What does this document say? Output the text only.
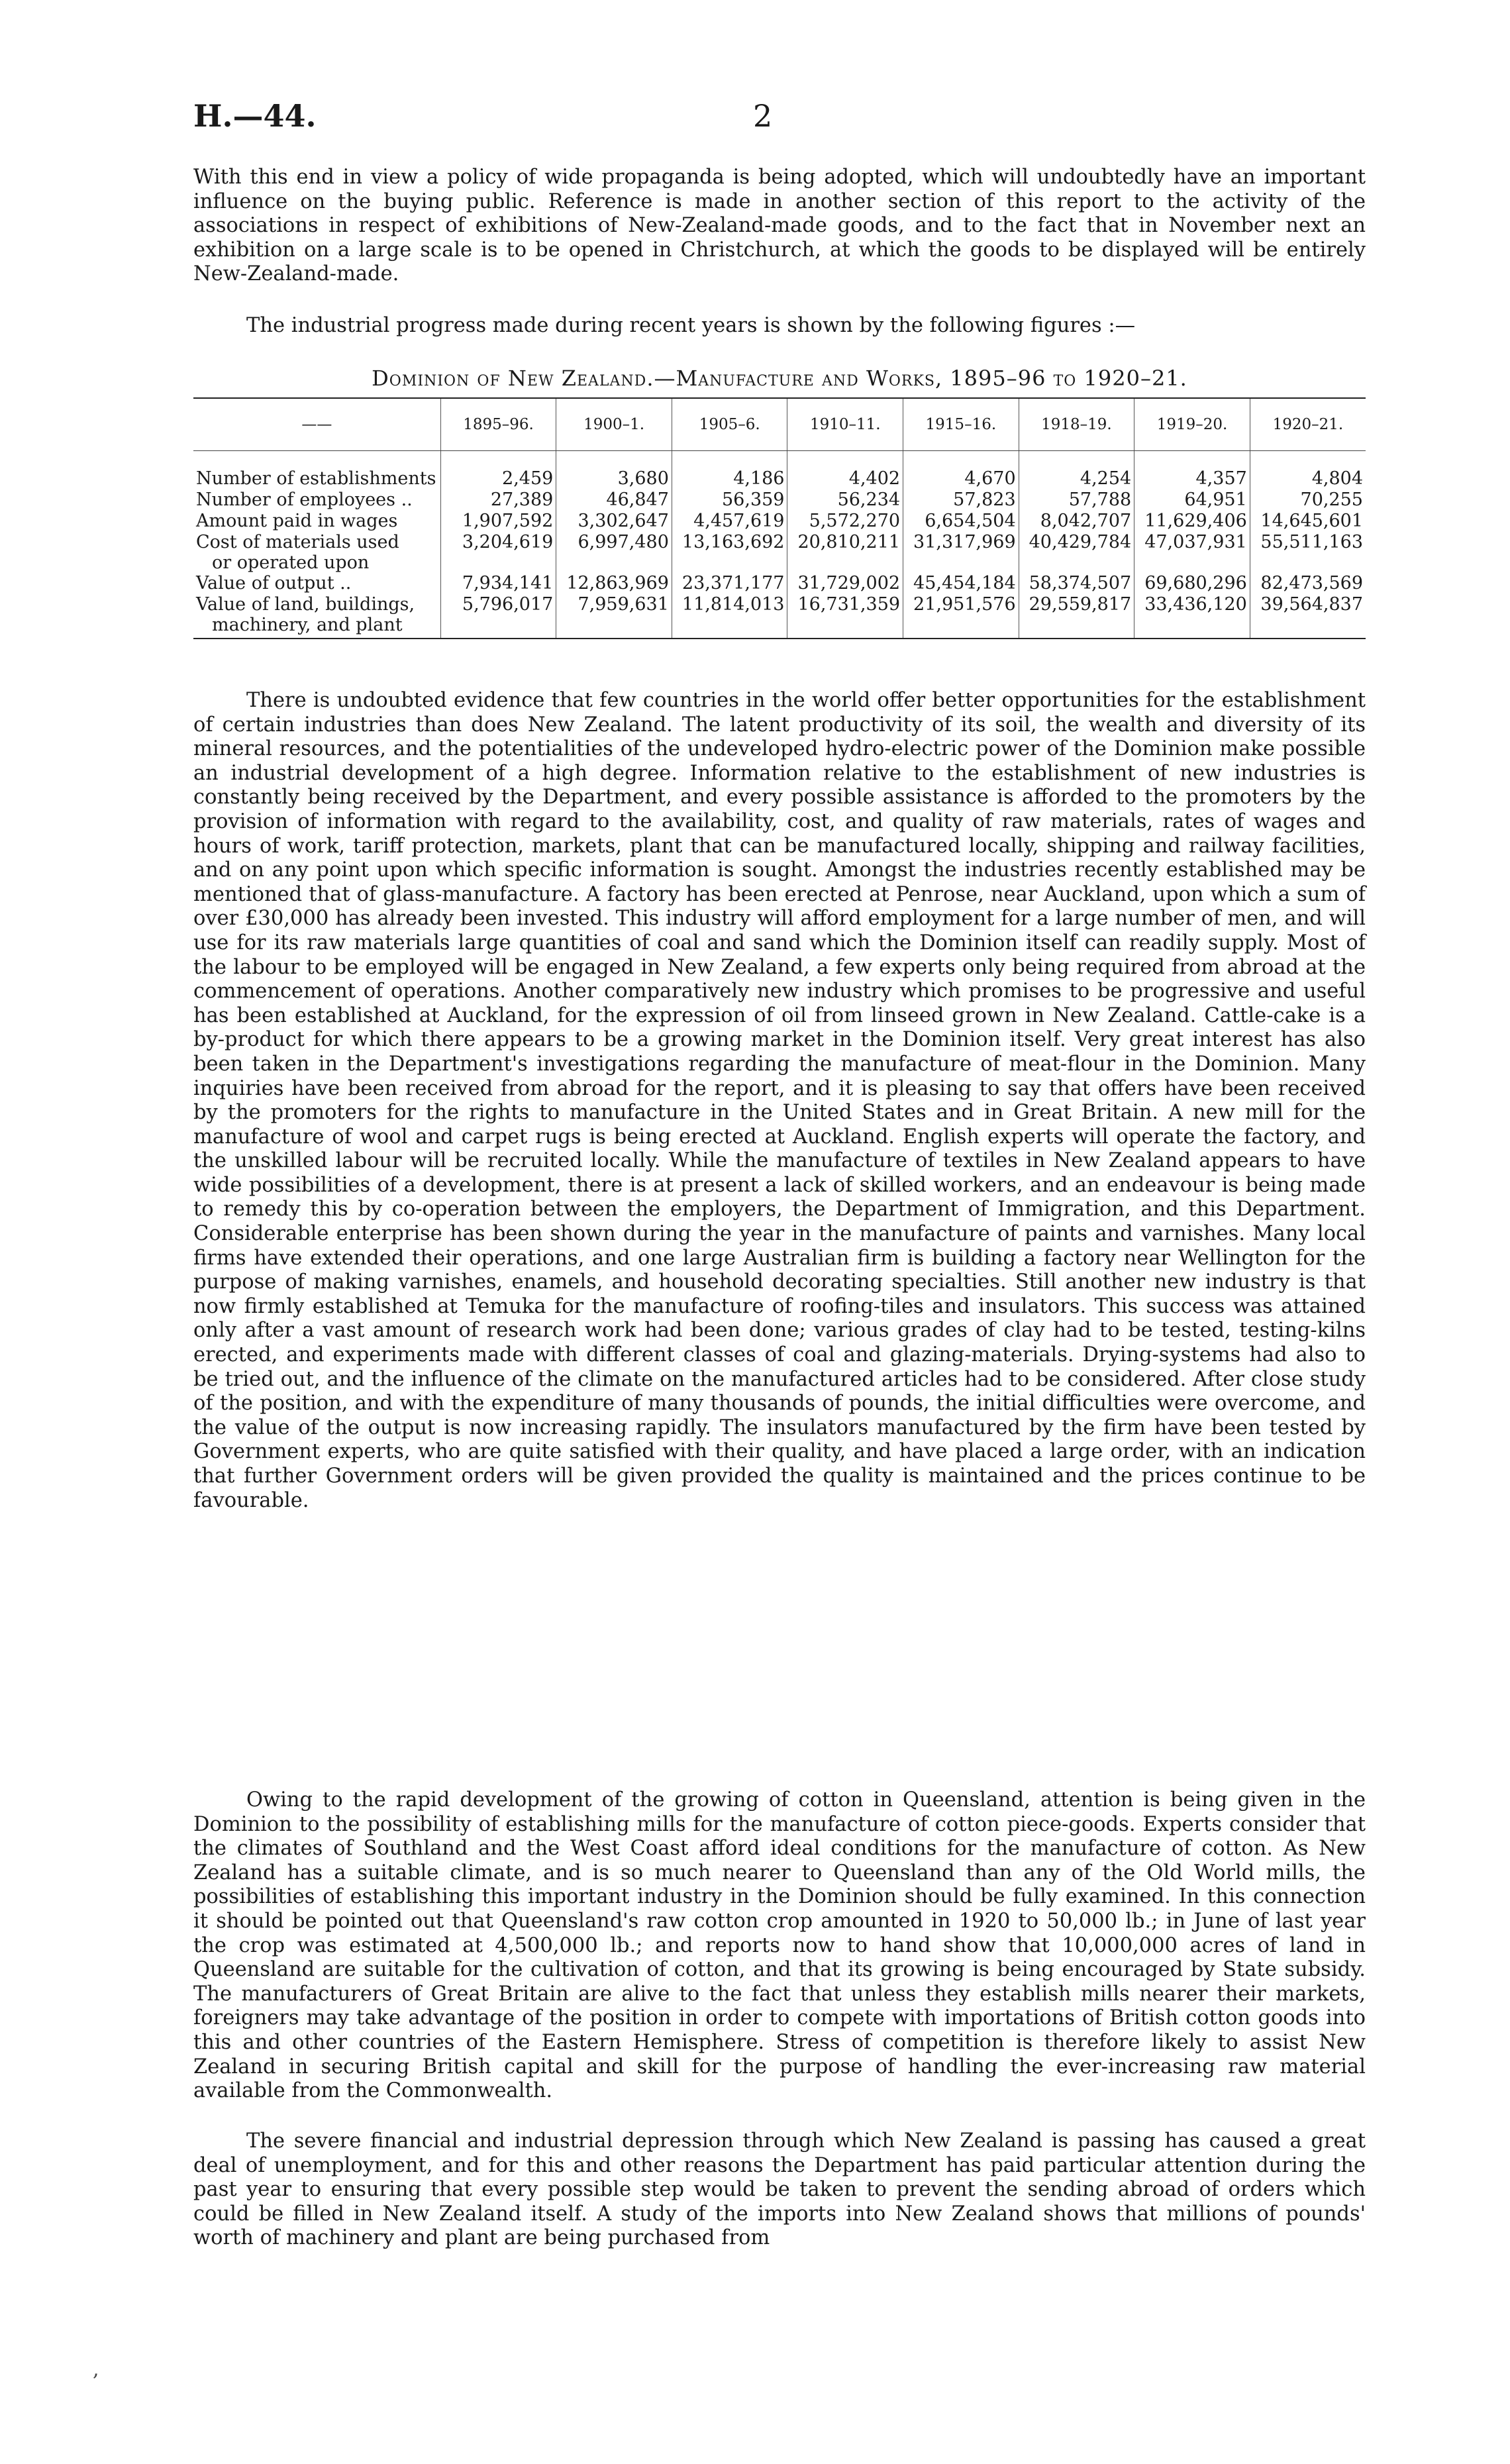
H.—44.	2

With this end in view a policy of wide propaganda is being adopted, which will undoubtedly have an important influence on the buying public. Reference is made in another section of this report to the activity of the associations in respect of exhibitions of New-Zealand-made goods, and to the fact that in November next an exhibition on a large scale is to be opened in Christchurch, at which the goods to be displayed will be entirely New-Zealand-made.

The industrial progress made during recent years is shown by the following figures :—

Dominion of New Zealand.—Manufacture and Works, 1895–96 to 1920–21.
——	1895–96.	1900–1.	1905–6.	1910–11.	1915–16.	1918–19.	1919–20.	1920–21.

Number of establishments	2,459	3,680	4,186	4,402	4,670	4,254	4,357	4,804

Number of employees ..	27,389	46,847	56,359	56,234	57,823	57,788	64,951	70,255

Amount paid in wages	1,907,592	3,302,647	4,457,619	5,572,270	6,654,504	8,042,707	11,629,406	14,645,601

Cost of materials used
or operated upon	3,204,619	6,997,480	13,163,692	20,810,211	31,317,969	40,429,784	47,037,931	55,511,163

Value of output ..	7,934,141	12,863,969	23,371,177	31,729,002	45,454,184	58,374,507	69,680,296	82,473,569

Value of land, buildings,
machinery, and plant	5,796,017	7,959,631	11,814,013	16,731,359	21,951,576	29,559,817	33,436,120	39,564,837

There is undoubted evidence that few countries in the world offer better opportunities for the establishment of certain industries than does New Zealand. The latent productivity of its soil, the wealth and diversity of its mineral resources, and the potentialities of the undeveloped hydro-electric power of the Dominion make possible an industrial development of a high degree. Information relative to the establishment of new industries is constantly being received by the Department, and every possible assistance is afforded to the promoters by the provision of information with regard to the availability, cost, and quality of raw materials, rates of wages and hours of work, tariff protection, markets, plant that can be manufactured locally, shipping and railway facilities, and on any point upon which specific information is sought. Amongst the industries recently established may be mentioned that of glass-manufacture. A factory has been erected at Penrose, near Auckland, upon which a sum of over £30,000 has already been invested. This industry will afford employment for a large number of men, and will use for its raw materials large quantities of coal and sand which the Dominion itself can readily supply. Most of the labour to be employed will be engaged in New Zealand, a few experts only being required from abroad at the commencement of operations. Another comparatively new industry which promises to be progressive and useful has been established at Auckland, for the expression of oil from linseed grown in New Zealand. Cattle-cake is a by-product for which there appears to be a growing market in the Dominion itself. Very great interest has also been taken in the Department's investigations regarding the manufacture of meat-flour in the Dominion. Many inquiries have been received from abroad for the report, and it is pleasing to say that offers have been received by the promoters for the rights to manufacture in the United States and in Great Britain. A new mill for the manufacture of wool and carpet rugs is being erected at Auckland. English experts will operate the factory, and the unskilled labour will be recruited locally. While the manufacture of textiles in New Zealand appears to have wide possibilities of a development, there is at present a lack of skilled workers, and an endeavour is being made to remedy this by co-operation between the employers, the Department of Immigration, and this Department. Considerable enterprise has been shown during the year in the manufacture of paints and varnishes. Many local firms have extended their operations, and one large Australian firm is building a factory near Wellington for the purpose of making varnishes, enamels, and household decorating specialties. Still another new industry is that now firmly established at Temuka for the manufacture of roofing-tiles and insulators. This success was attained only after a vast amount of research work had been done; various grades of clay had to be tested, testing-kilns erected, and experiments made with different classes of coal and glazing-materials. Drying-systems had also to be tried out, and the influence of the climate on the manufactured articles had to be considered. After close study of the position, and with the expenditure of many thousands of pounds, the initial difficulties were overcome, and the value of the output is now increasing rapidly. The insulators manufactured by the firm have been tested by Government experts, who are quite satisfied with their quality, and have placed a large order, with an indication that further Government orders will be given provided the quality is maintained and the prices continue to be favourable.

Owing to the rapid development of the growing of cotton in Queensland, attention is being given in the Dominion to the possibility of establishing mills for the manufacture of cotton piece-goods. Experts consider that the climates of Southland and the West Coast afford ideal conditions for the manufacture of cotton. As New Zealand has a suitable climate, and is so much nearer to Queensland than any of the Old World mills, the possibilities of establishing this important industry in the Dominion should be fully examined. In this connection it should be pointed out that Queensland's raw cotton crop amounted in 1920 to 50,000 lb.; in June of last year the crop was estimated at 4,500,000 lb.; and reports now to hand show that 10,000,000 acres of land in Queensland are suitable for the cultivation of cotton, and that its growing is being encouraged by State subsidy. The manufacturers of Great Britain are alive to the fact that unless they establish mills nearer their markets, foreigners may take advantage of the position in order to compete with importations of British cotton goods into this and other countries of the Eastern Hemisphere. Stress of competition is therefore likely to assist New Zealand in securing British capital and skill for the purpose of handling the ever-increasing raw material available from the Commonwealth.

The severe financial and industrial depression through which New Zealand is passing has caused a great deal of unemployment, and for this and other reasons the Department has paid particular attention during the past year to ensuring that every possible step would be taken to prevent the sending abroad of orders which could be filled in New Zealand itself. A study of the imports into New Zealand shows that millions of pounds' worth of machinery and plant are being purchased from

,
